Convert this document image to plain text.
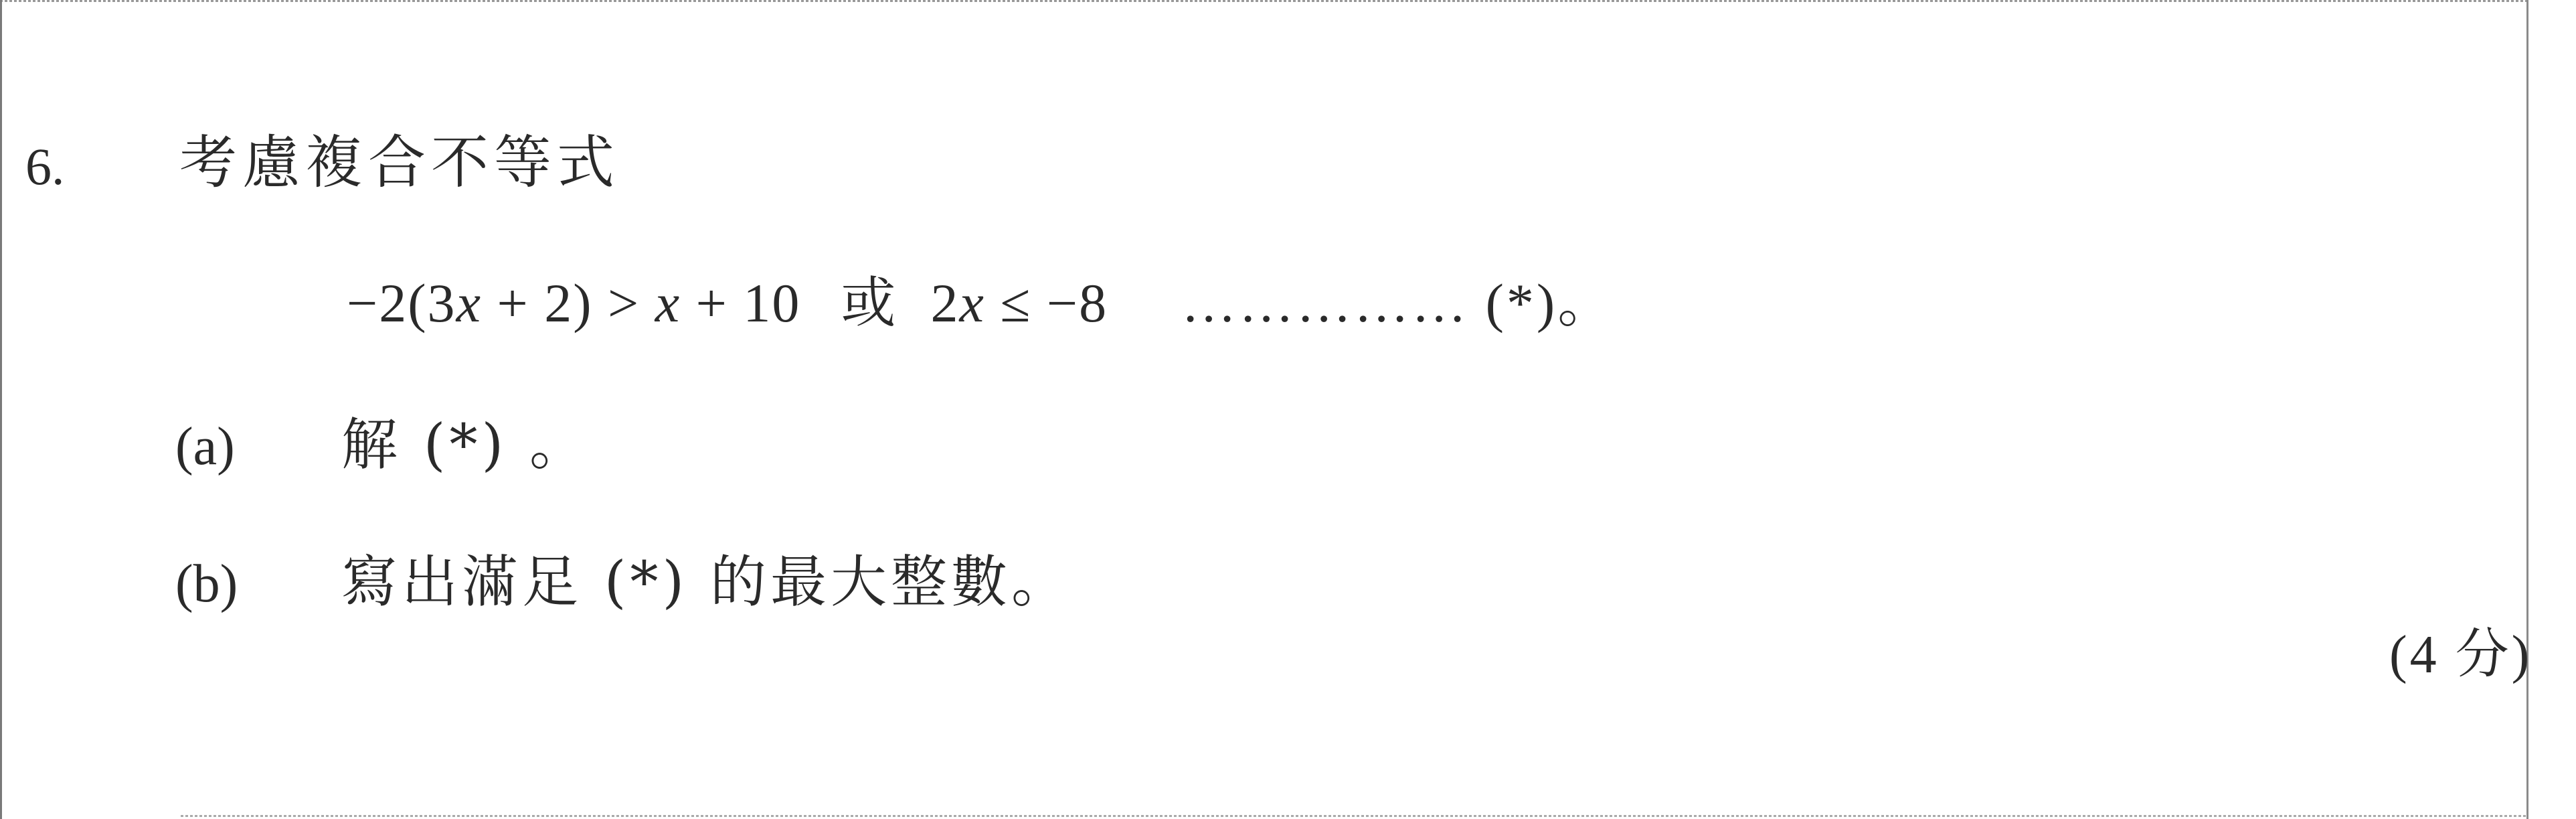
6. 考慮複合不等式
−2(3x + 2) > x + 10 或 2x ≤ −8 …………… (*)。
(a) 解 (*) 。
(b) 寫出滿足 (*) 的最大整數。
(4 分)
